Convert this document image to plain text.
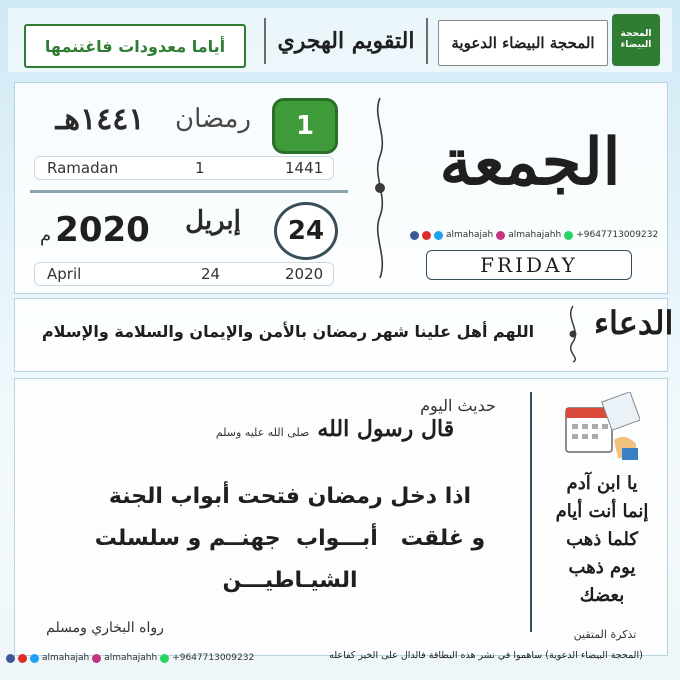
أياما معدودات فاغتنمها التقويم الهجري المحجة البيضاء الدعوية	المحجة البيضاء
1
رمضان
١٤٤١هـ
Ramadan	1	1441
24
إبريل
م 2020
April	24	2020
الجمعة
almahajah almahajahh +9647713009232
FRIDAY
الدعاء
اللهم أهل علينا شهر رمضان بالأمن والإيمان والسلامة والإسلام
حديث اليوم
قال رسول الله
صلى الله عليه وسلم
اذا دخل رمضان فتحت أبواب الجنة
و غلقت   أبـــواب  جهنــم و سلسلت
الشيـاطيـــن
رواه البخاري ومسلم
يا ابن آدم
إنما أنت أيام
كلما ذهب
يوم ذهب
بعضك
تذكرة المتقين
(المحجة البيضاء الدعوية) ساهموا في نشر هذه البطاقة فالدال على الخير كفاعله
almahajah almahajahh +9647713009232
